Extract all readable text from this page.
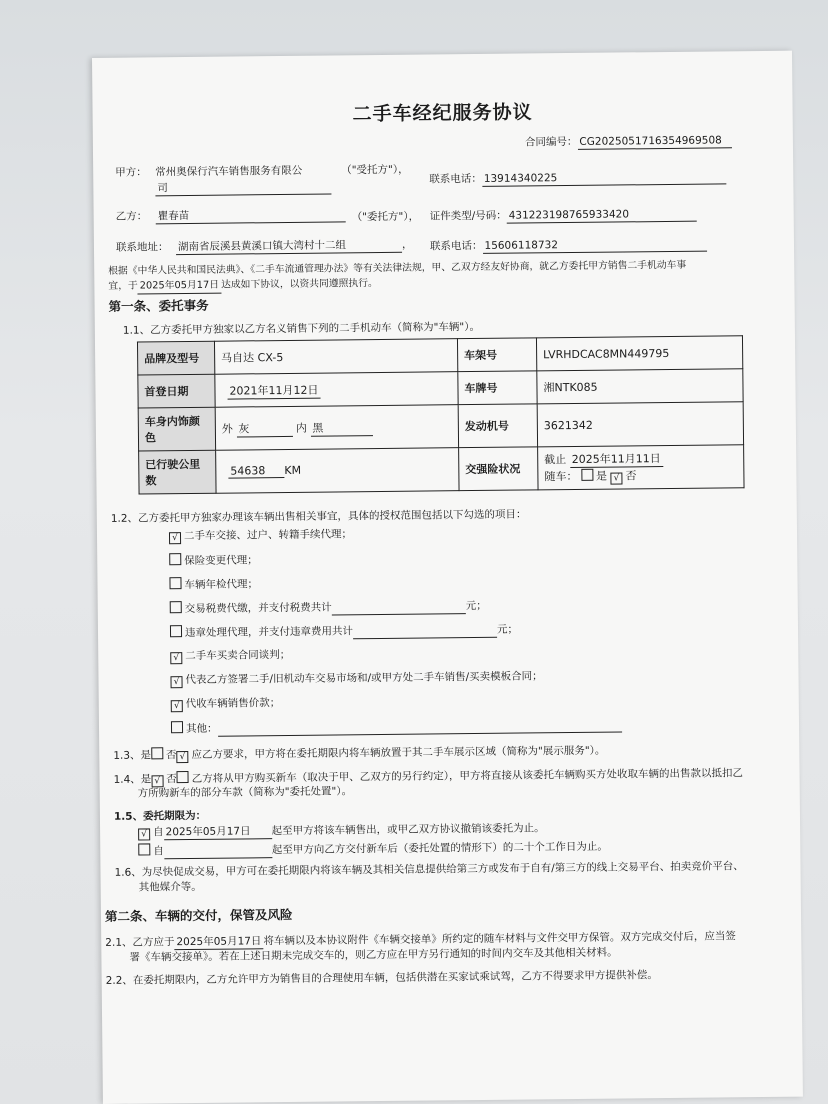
二手车经纪服务协议
合同编号： CG2025051716354969508
甲方： 常州奥保行汽车销售服务有限公
司
（"受托方"），
联系电话： 13914340225
乙方： 瞿春苗	（"委托方"）， 证件类型/号码： 431223198765933420
联系地址： 湖南省辰溪县黄溪口镇大湾村十二组	， 联系电话： 15606118732
根据《中华人民共和国民法典》、《二手车流通管理办法》等有关法律法规，甲、乙双方经友好协商，就乙方委托甲方销售二手机动车事
宜，于 2025年05月17日 达成如下协议，以资共同遵照执行。
第一条、委托事务
1.1、乙方委托甲方独家以乙方名义销售下列的二手机动车（简称为"车辆"）。
品牌及型号	马自达 CX-5	车架号	LVRHDCAC8MN449795
首登日期	2021年11月12日	车牌号	湘NTK085
车身内饰颜色	外 灰 内 黑	发动机号	3621342
已行驶公里数	54638 KM	交强险状况	截止 2025年11月11日
随车： 是 √ 否
1.2、乙方委托甲方独家办理该车辆出售相关事宜，具体的授权范围包括以下勾选的项目：
√ 二手车交接、过户、转籍手续代理；
保险变更代理；
车辆年检代理；
交易税费代缴，并支付税费共计	元；
违章处理代理，并支付违章费用共计	元；
√ 二手车买卖合同谈判；
√ 代表乙方签署二手/旧机动车交易市场和/或甲方处二手车销售/买卖模板合同；
√ 代收车辆销售价款；
其他：
1.3、是 否 √ 应乙方要求，甲方将在委托期限内将车辆放置于其二手车展示区域（简称为"展示服务"）。
1.4、是 √ 否 乙方将从甲方购买新车（取决于甲、乙双方的另行约定），甲方将直接从该委托车辆购买方处收取车辆的出售款以抵扣乙
方所购新车的部分车款（简称为"委托处置"）。
1.5、委托期限为：
√ 自 2025年05月17日 起至甲方将该车辆售出，或甲乙双方协议撤销该委托为止。
自	起至甲方向乙方交付新车后（委托处置的情形下）的二十个工作日为止。
1.6、为尽快促成交易，甲方可在委托期限内将该车辆及其相关信息提供给第三方或发布于自有/第三方的线上交易平台、拍卖竞价平台、
其他媒介等。
第二条、车辆的交付，保管及风险
2.1、乙方应于 2025年05月17日 将车辆以及本协议附件《车辆交接单》所约定的随车材料与文件交甲方保管。双方完成交付后，应当签
署《车辆交接单》。若在上述日期未完成交车的，则乙方应在甲方另行通知的时间内交车及其他相关材料。
2.2、在委托期限内，乙方允许甲方为销售目的合理使用车辆，包括供潜在买家试乘试驾，乙方不得要求甲方提供补偿。
